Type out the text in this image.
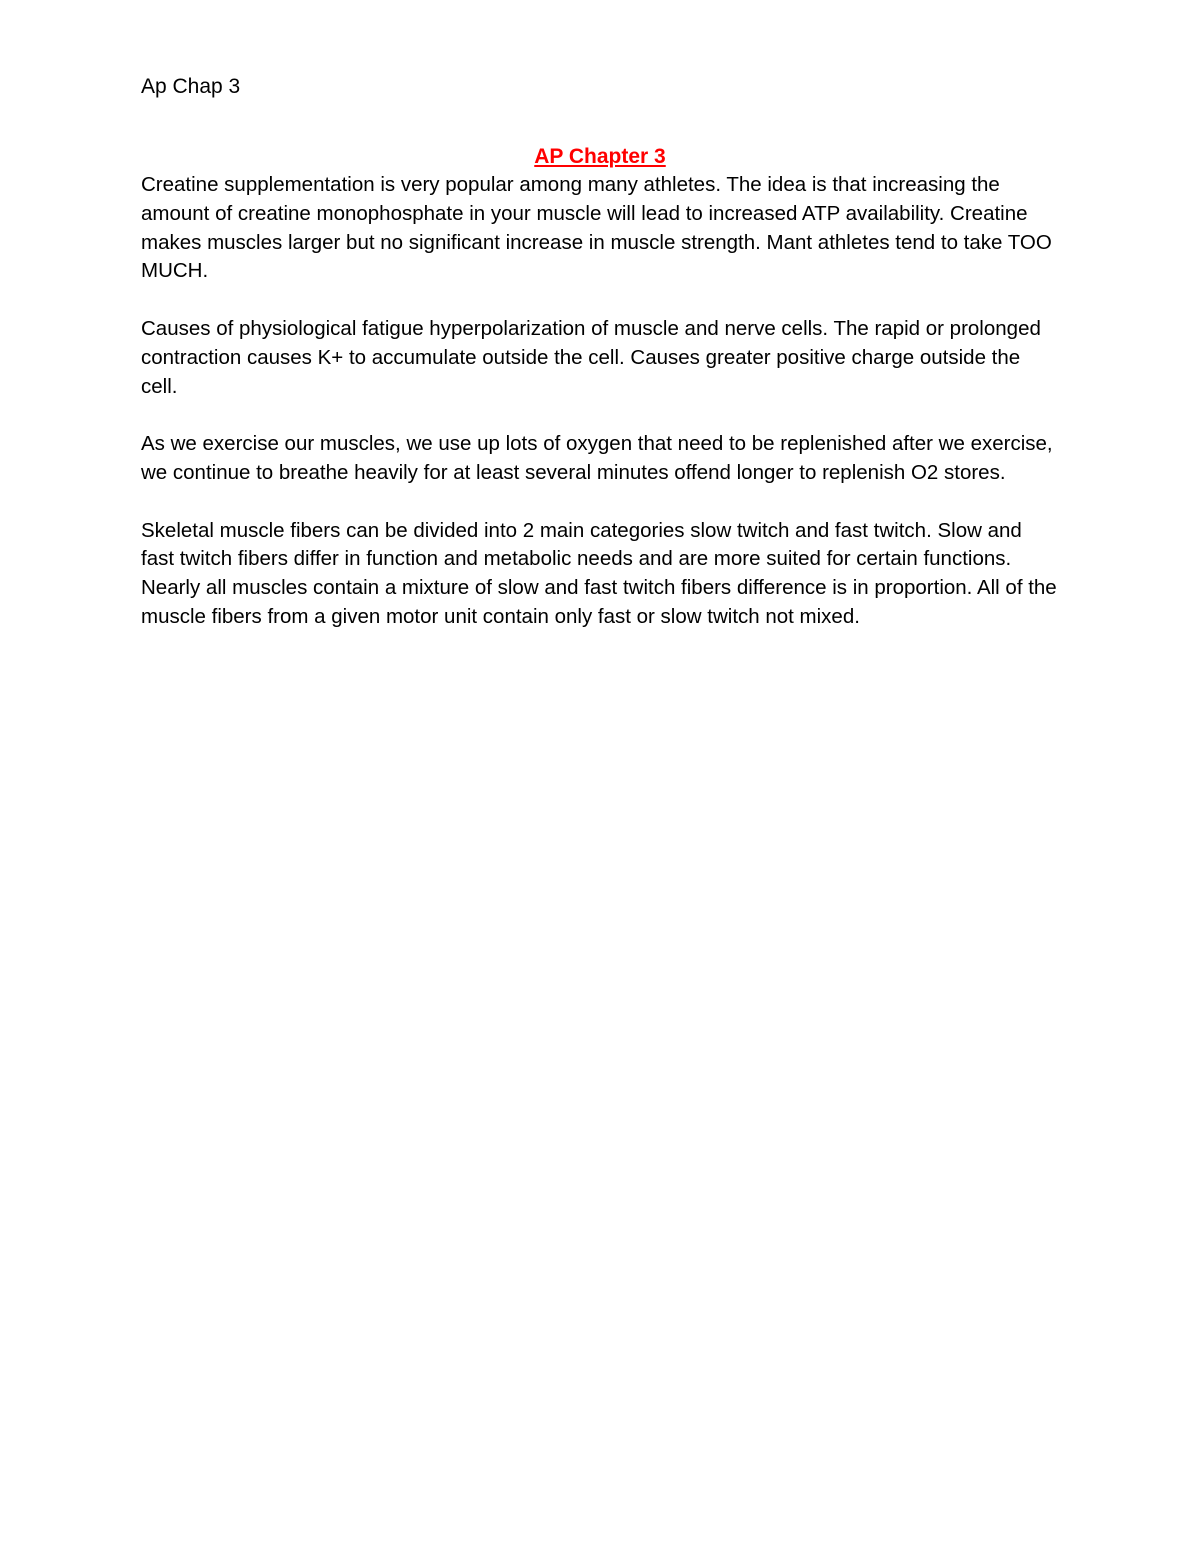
Ap Chap 3

AP Chapter 3

Creatine supplementation is very popular among many athletes. The idea is that increasing the amount of creatine monophosphate in your muscle will lead to increased ATP availability. Creatine makes muscles larger but no significant increase in muscle strength. Mant athletes tend to take TOO MUCH.

Causes of physiological fatigue hyperpolarization of muscle and nerve cells. The rapid or prolonged contraction causes K+ to accumulate outside the cell. Causes greater positive charge outside the cell.

As we exercise our muscles, we use up lots of oxygen that need to be replenished after we exercise, we continue to breathe heavily for at least several minutes offend longer to replenish O2 stores.

Skeletal muscle fibers can be divided into 2 main categories slow twitch and fast twitch. Slow and fast twitch fibers differ in function and metabolic needs and are more suited for certain functions. Nearly all muscles contain a mixture of slow and fast twitch fibers difference is in proportion. All of the muscle fibers from a given motor unit contain only fast or slow twitch not mixed.
